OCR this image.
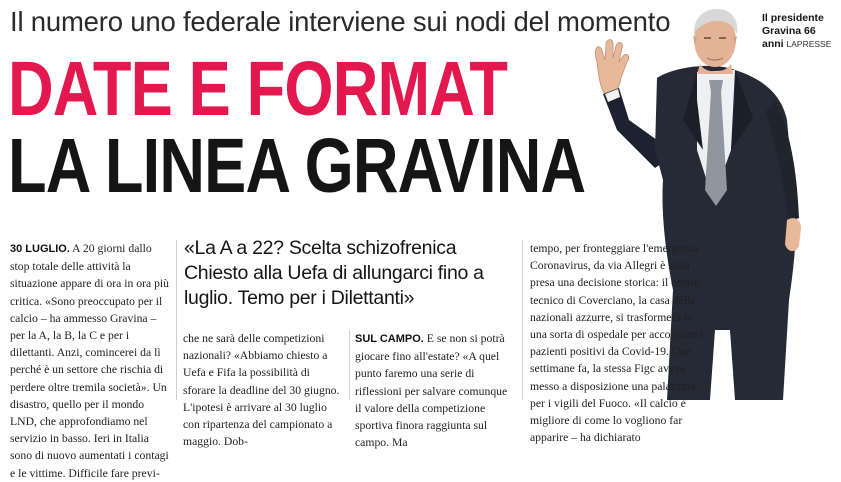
Il numero uno federale interviene sui nodi del momento
DATE E FORMAT
LA LINEA GRAVINA
Il presidente Gravina 66 anni LAPRESSE

30 LUGLIO. A 20 giorni dallo stop totale delle attività la situazione appare di ora in ora più critica. «Sono preoccupato per il calcio – ha ammesso Gravina – per la A, la B, la C e per i dilettanti. Anzi, comincerei da lì perché è un settore che rischia di perdere oltre tremila società». Un disastro, quello per il mondo LND, che approfondiamo nel servizio in basso. Ieri in Italia sono di nuovo aumentati i contagi e le vittime. Difficile fare previ-

«La A a 22? Scelta schizofrenica Chiesto alla Uefa di allungarci fino a luglio. Temo per i Dilettanti»

che ne sarà delle competizioni nazionali? «Abbiamo chiesto a Uefa e Fifa la possibilità di sforare la deadline del 30 giugno. L'ipotesi è arrivare al 30 luglio con ripartenza del campionato a maggio. Dob-

SUL CAMPO. E se non si potrà giocare fino all'estate? «A quel punto faremo una serie di riflessioni per salvare comunque il valore della competizione sportiva finora raggiunta sul campo. Ma

tempo, per fronteggiare l'emergenza Coronavirus, da via Allegri è stata presa una decisione storica: il centro tecnico di Coverciano, la casa delle nazionali azzurre, si trasformerà in una sorta di ospedale per accogliere i pazienti positivi da Covid-19. Due settimane fa, la stessa Figc aveva messo a disposizione una palazzina per i vigili del Fuoco. «Il calcio è migliore di come lo vogliono far apparire – ha dichiarato
